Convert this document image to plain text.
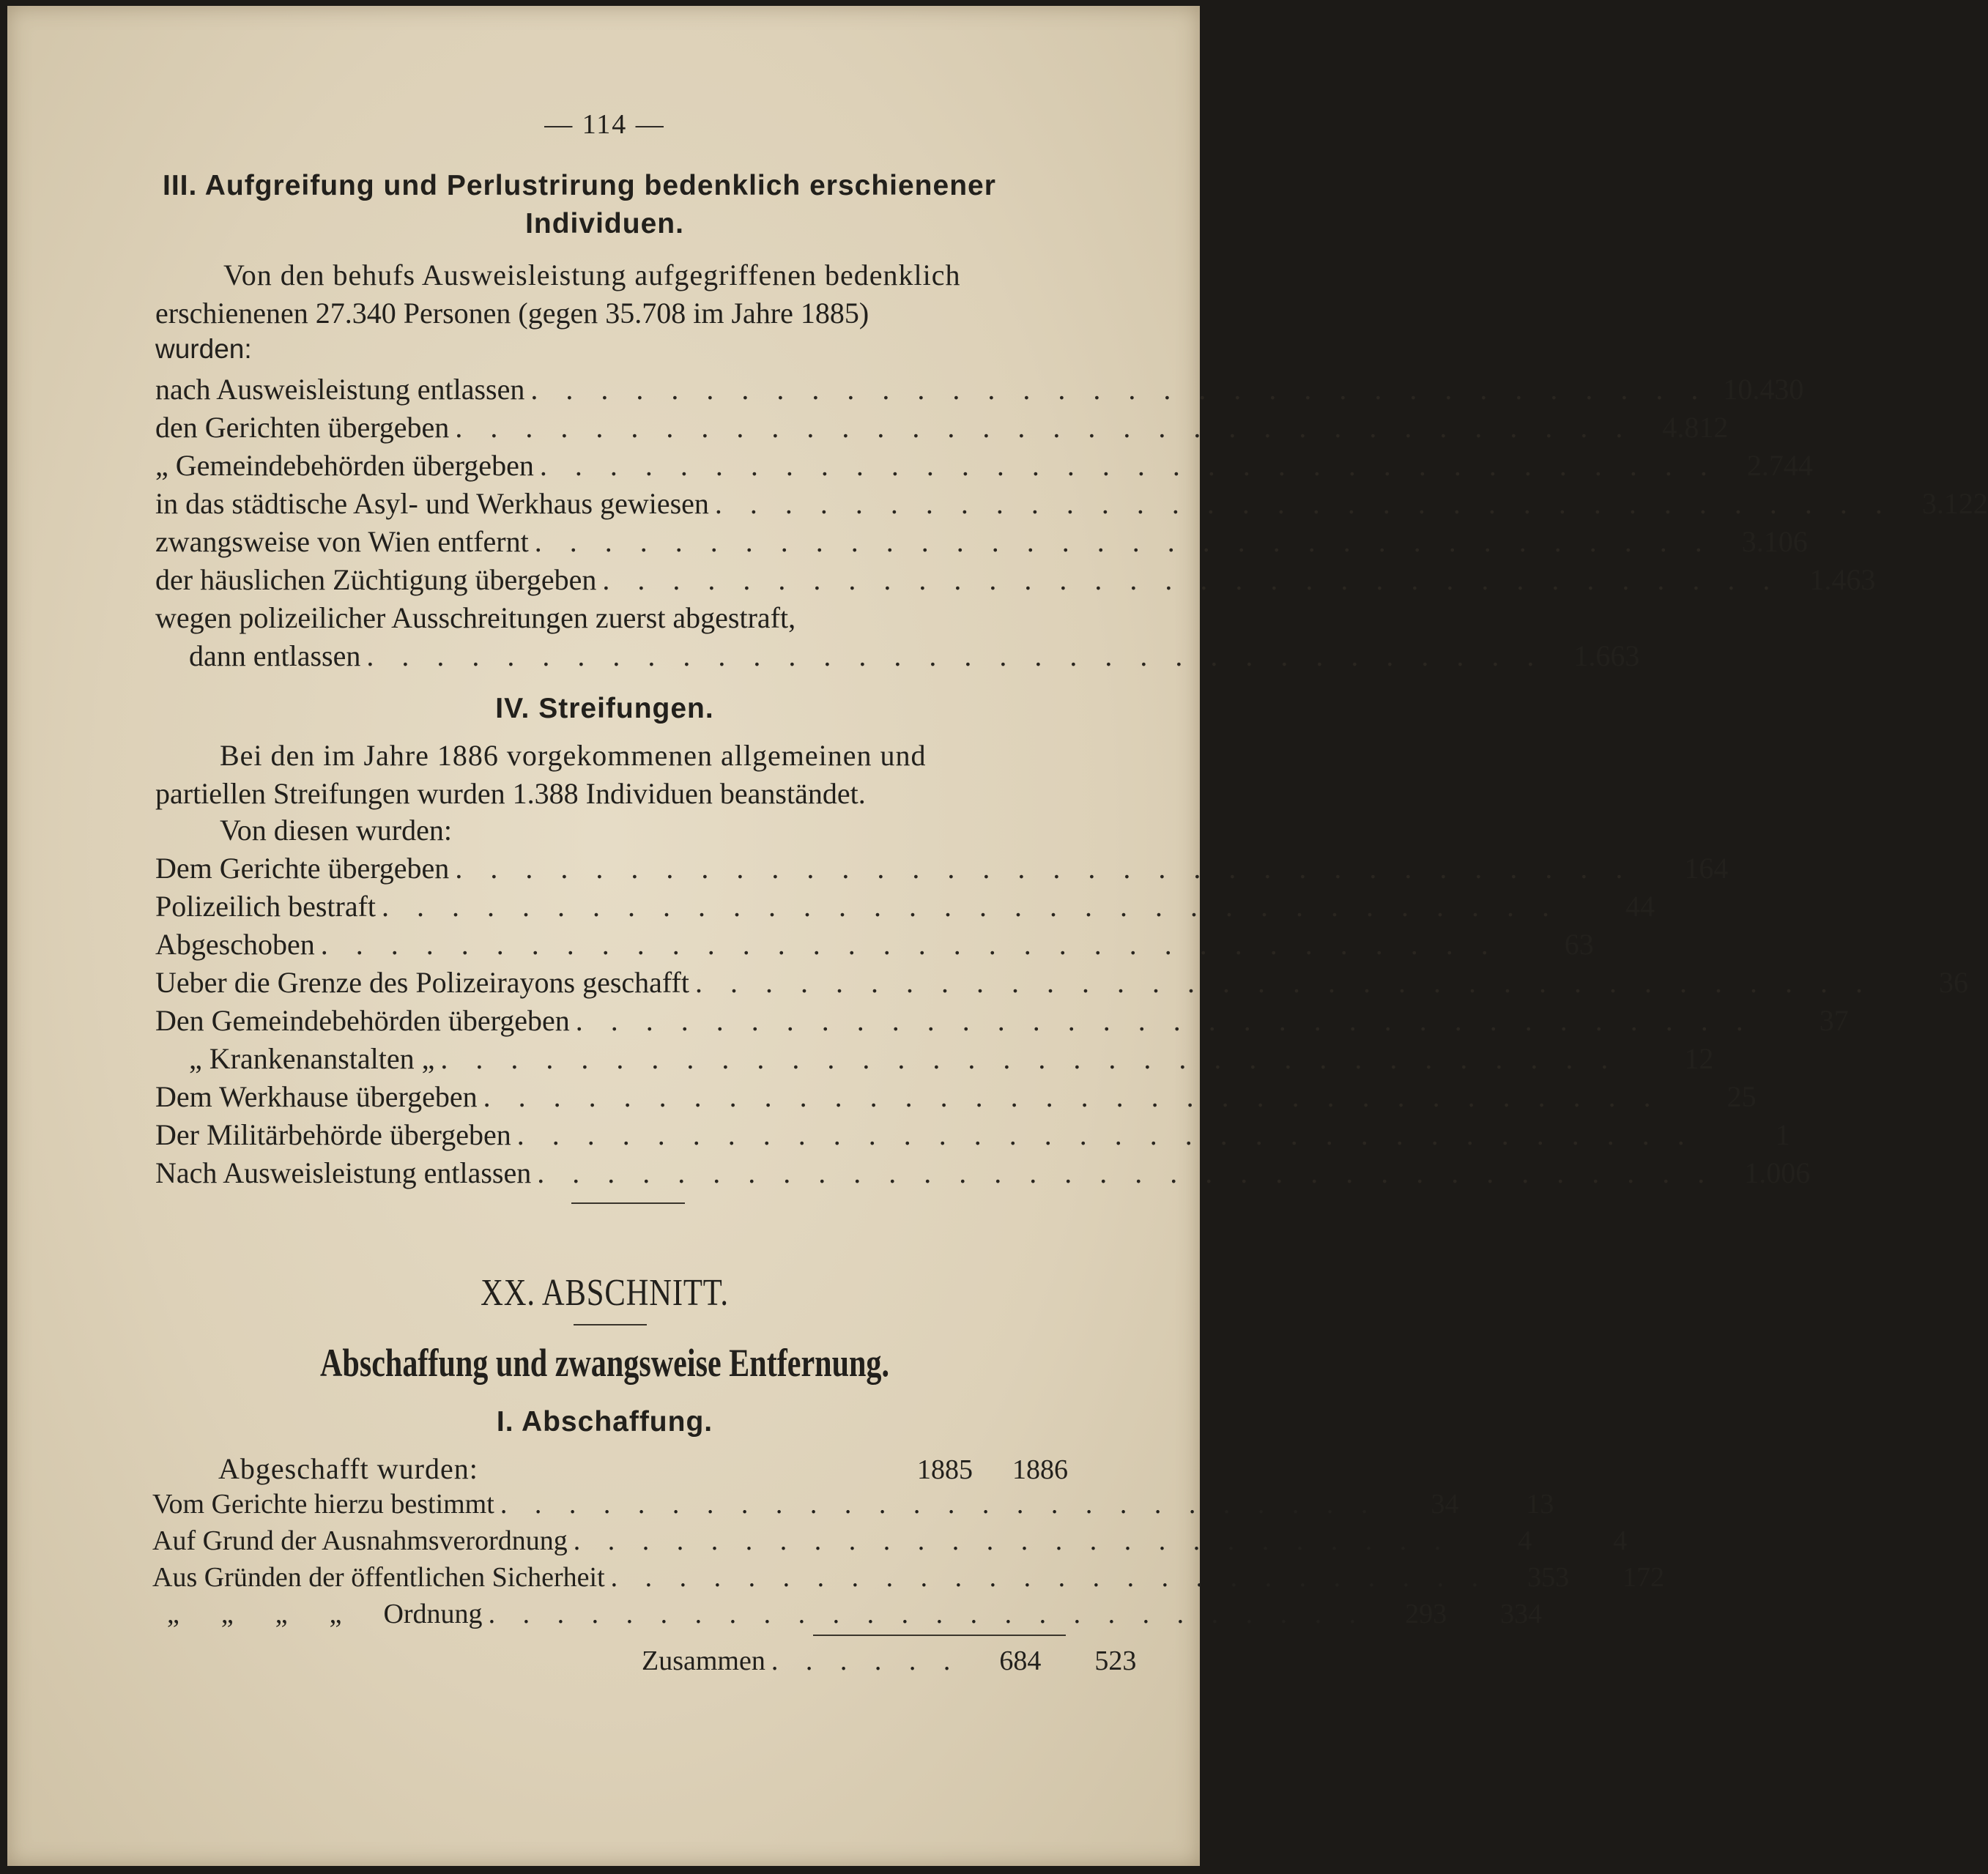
— 114 —
III. Aufgreifung und Perlustrirung bedenklich erschienener
Individuen.
Von den behufs Ausweisleistung aufgegriffenen bedenklich
erschienenen 27.340 Personen (gegen 35.708 im Jahre 1885)
wurden:
nach Ausweisleistung entlassen . . . . . . . . . . . . . . . . . . . . . . . . . . . . . . . . . . 10.430
den Gerichten übergeben . . . . . . . . . . . . . . . . . . . . . . . . . . . . . . . . . .	4.812
„ Gemeindebehörden übergeben . . . . . . . . . . . . . . . . . . . . . . . . . . . . . . . . . .	2.744
in das städtische Asyl- und Werkhaus gewiesen . . . . . . . . . . . . . . . . . . . . . . . . . . . . . . . . . .	3.122
zwangsweise von Wien entfernt . . . . . . . . . . . . . . . . . . . . . . . . . . . . . . . . . .	3.106
der häuslichen Züchtigung übergeben . . . . . . . . . . . . . . . . . . . . . . . . . . . . . . . . . .	1.463
wegen polizeilicher Ausschreitungen zuerst abgestraft,
dann entlassen . . . . . . . . . . . . . . . . . . . . . . . . . . . . . . . . . .	1.663
IV. Streifungen.
Bei den im Jahre 1886 vorgekommenen allgemeinen und
partiellen Streifungen wurden 1.388 Individuen beanständet.
Von diesen wurden:
Dem Gerichte übergeben . . . . . . . . . . . . . . . . . . . . . . . . . . . . . . . . . .	164
Polizeilich bestraft . . . . . . . . . . . . . . . . . . . . . . . . . . . . . . . . . .	44
Abgeschoben . . . . . . . . . . . . . . . . . . . . . . . . . . . . . . . . . .	63
Ueber die Grenze des Polizeirayons geschafft . . . . . . . . . . . . . . . . . . . . . . . . . . . . . . . . . .	36
Den Gemeindebehörden übergeben . . . . . . . . . . . . . . . . . . . . . . . . . . . . . . . . . .	37
„ Krankenanstalten „ . . . . . . . . . . . . . . . . . . . . . . . . . . . . . . . . . .	12
Dem Werkhause übergeben . . . . . . . . . . . . . . . . . . . . . . . . . . . . . . . . . .	25
Der Militärbehörde übergeben . . . . . . . . . . . . . . . . . . . . . . . . . . . . . . . . . .	1
Nach Ausweisleistung entlassen . . . . . . . . . . . . . . . . . . . . . . . . . . . . . . . . . .	1.006
XX. ABSCHNITT.
Abschaffung und zwangsweise Entfernung.
I. Abschaffung.
Abgeschafft wurden:	1885	1886
Vom Gerichte hierzu bestimmt . . . . . . . . . . . . . . . . . . . . . . . . . .	34	13
Auf Grund der Ausnahmsverordnung . . . . . . . . . . . . . . . . . . . . . . . . . .	4	4
Aus Gründen der öffentlichen Sicherheit . . . . . . . . . . . . . . . . . . . . . . . . . .	353	172
„      „      „      „      Ordnung . . . . . . . . . . . . . . . . . . . . . . . . . .	293	334
Zusammen . . . . . .	684	523
